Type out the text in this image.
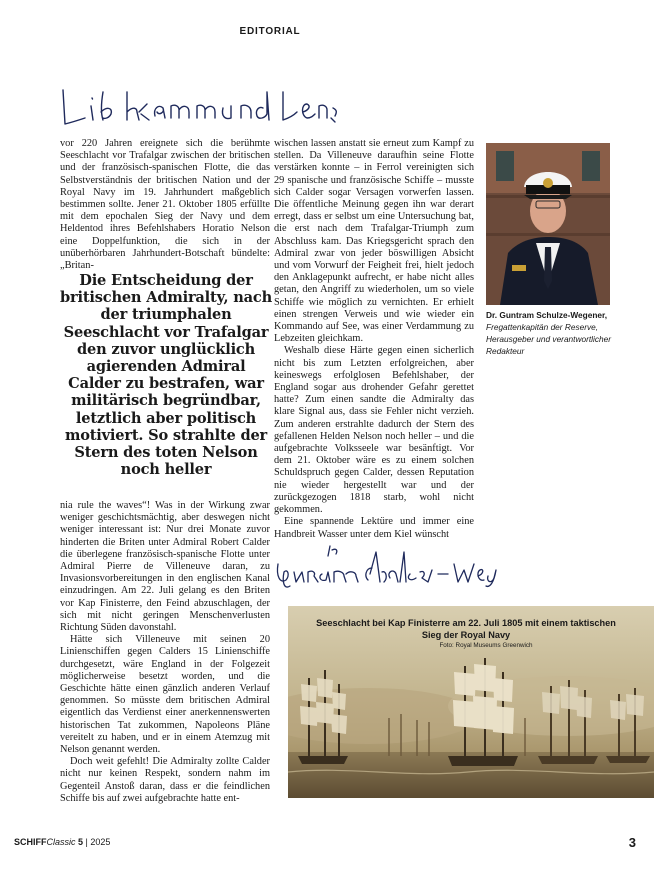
EDITORIAL

vor 220 Jahren ereignete sich die berühmte Seeschlacht vor Trafalgar zwischen der britischen und der französisch-spanischen Flotte, die das Selbstverständnis der britischen Nation und der Royal Navy im 19. Jahrhundert maßgeblich bestimmen sollte. Jener 21. Oktober 1805 erfüllte mit dem epochalen Sieg der Navy und dem Heldentod ihres Befehlshabers Horatio Nelson eine Doppelfunktion, die sich in der unüberhörbaren Jahrhundert-Botschaft bündelte: „Britan-

Die Entscheidung der britischen Admiralty, nach der triumphalen Seeschlacht vor Trafalgar den zuvor unglücklich agierenden Admiral Calder zu bestrafen, war militärisch begründbar, letztlich aber politisch motiviert. So strahlte der Stern des toten Nelson noch heller

nia rule the waves“! Was in der Wirkung zwar weniger geschichtsmächtig, aber deswegen nicht weniger interessant ist: Nur drei Monate zuvor hinderten die Briten unter Admiral Robert Calder die überlegene französisch-spanische Flotte unter Admiral Pierre de Villeneuve daran, zu Invasionsvorbereitungen in den englischen Kanal einzudringen. Am 22. Juli gelang es den Briten vor Kap Finisterre, den Feind abzuschlagen, der sich mit nicht geringen Menschenverlusten Richtung Süden davonstahl.

Hätte sich Villeneuve mit seinen 20 Linienschiffen gegen Calders 15 Linienschiffe durchgesetzt, wäre England in der Folgezeit möglicherweise besetzt worden, und die Geschichte hätte einen gänzlich anderen Verlauf genommen. So müsste dem britischen Admiral eigentlich das Verdienst einer anerkennenswerten historischen Tat zukommen, Napoleons Pläne vereitelt zu haben, und er in einem Atemzug mit Nelson genannt werden.

Doch weit gefehlt! Die Admiralty zollte Calder nicht nur keinen Respekt, sondern nahm im Gegenteil Anstoß daran, dass er die feindlichen Schiffe bis auf zwei aufgebrachte hatte ent-

wischen lassen anstatt sie erneut zum Kampf zu stellen. Da Villeneuve daraufhin seine Flotte verstärken konnte – in Ferrol vereinigten sich 29 spanische und französische Schiffe – musste sich Calder sogar Versagen vorwerfen lassen. Die öffentliche Meinung gegen ihn war derart erregt, dass er selbst um eine Untersuchung bat, die erst nach dem Trafalgar-Triumph zum Abschluss kam. Das Kriegsgericht sprach den Admiral zwar von jeder böswilligen Absicht und vom Vorwurf der Feigheit frei, hielt jedoch den Anklagepunkt aufrecht, er habe nicht alles getan, den Angriff zu wiederholen, um so viele Schiffe wie möglich zu vernichten. Er erhielt einen strengen Verweis und wie wieder ein Kommando auf See, was einer Verdammung zu Lebzeiten gleichkam.

Weshalb diese Härte gegen einen sicherlich nicht bis zum Letzten erfolgreichen, aber keineswegs erfolglosen Befehlshaber, der England sogar aus drohender Gefahr gerettet hatte? Zum einen sandte die Admiralty das klare Signal aus, dass sie Fehler nicht verzieh. Zum anderen erstrahlte dadurch der Stern des gefallenen Helden Nelson noch heller – und die aufgebrachte Volksseele war besänftigt. Vor dem 21. Oktober wäre es zu einem solchen Schuldspruch gegen Calder, dessen Reputation nie wieder hergestellt war und der zurückgezogen 1818 starb, wohl nicht gekommen.

Eine spannende Lektüre und immer eine Handbreit Wasser unter dem Kiel wünscht

Dr. Guntram Schulze-Wegener,
Fregattenkapitän der Reserve, Herausgeber und verantwortlicher Redakteur
Seeschlacht bei Kap Finisterre am 22. Juli 1805 mit einem taktischen Sieg der Royal Navy
Foto: Royal Museums Greenwich
SCHIFFClassic 5 | 2025	3
